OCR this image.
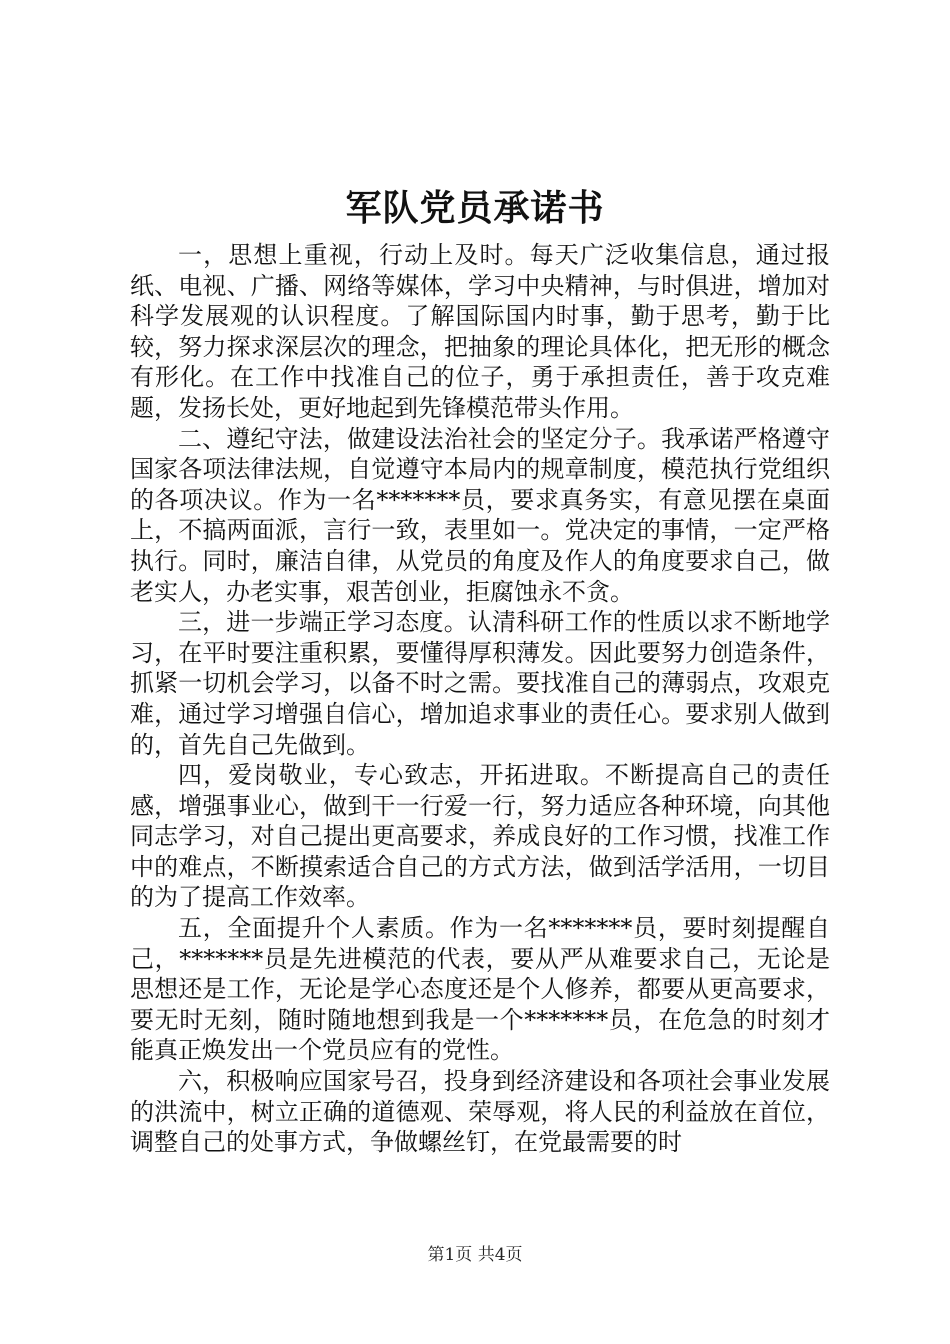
军队党员承诺书

一，思想上重视，行动上及时。每天广泛收集信息，通过报纸、电视、广播、网络等媒体，学习中央精神，与时俱进，增加对科学发展观的认识程度。了解国际国内时事，勤于思考，勤于比较，努力探求深层次的理念，把抽象的理论具体化，把无形的概念有形化。在工作中找准自己的位子，勇于承担责任，善于攻克难题，发扬长处，更好地起到先锋模范带头作用。

二、遵纪守法，做建设法治社会的坚定分子。我承诺严格遵守国家各项法律法规，自觉遵守本局内的规章制度，模范执行党组织的各项决议。作为一名*******员，要求真务实，有意见摆在桌面上，不搞两面派，言行一致，表里如一。党决定的事情，一定严格执行。同时，廉洁自律，从党员的角度及作人的角度要求自己，做老实人，办老实事，艰苦创业，拒腐蚀永不贪。

三，进一步端正学习态度。认清科研工作的性质以求不断地学习，在平时要注重积累，要懂得厚积薄发。因此要努力创造条件，抓紧一切机会学习，以备不时之需。要找准自己的薄弱点，攻艰克难，通过学习增强自信心，增加追求事业的责任心。要求别人做到的，首先自己先做到。

四，爱岗敬业，专心致志，开拓进取。不断提高自己的责任感，增强事业心，做到干一行爱一行，努力适应各种环境，向其他同志学习，对自己提出更高要求，养成良好的工作习惯，找准工作中的难点，不断摸索适合自己的方式方法，做到活学活用，一切目的为了提高工作效率。

五，全面提升个人素质。作为一名*******员，要时刻提醒自己，*******员是先进模范的代表，要从严从难要求自己，无论是思想还是工作，无论是学心态度还是个人修养，都要从更高要求，要无时无刻，随时随地想到我是一个*******员，在危急的时刻才能真正焕发出一个党员应有的党性。

六，积极响应国家号召，投身到经济建设和各项社会事业发展的洪流中，树立正确的道德观、荣辱观，将人民的利益放在首位，调整自己的处事方式，争做螺丝钉，在党最需要的时

第1页 共4页
